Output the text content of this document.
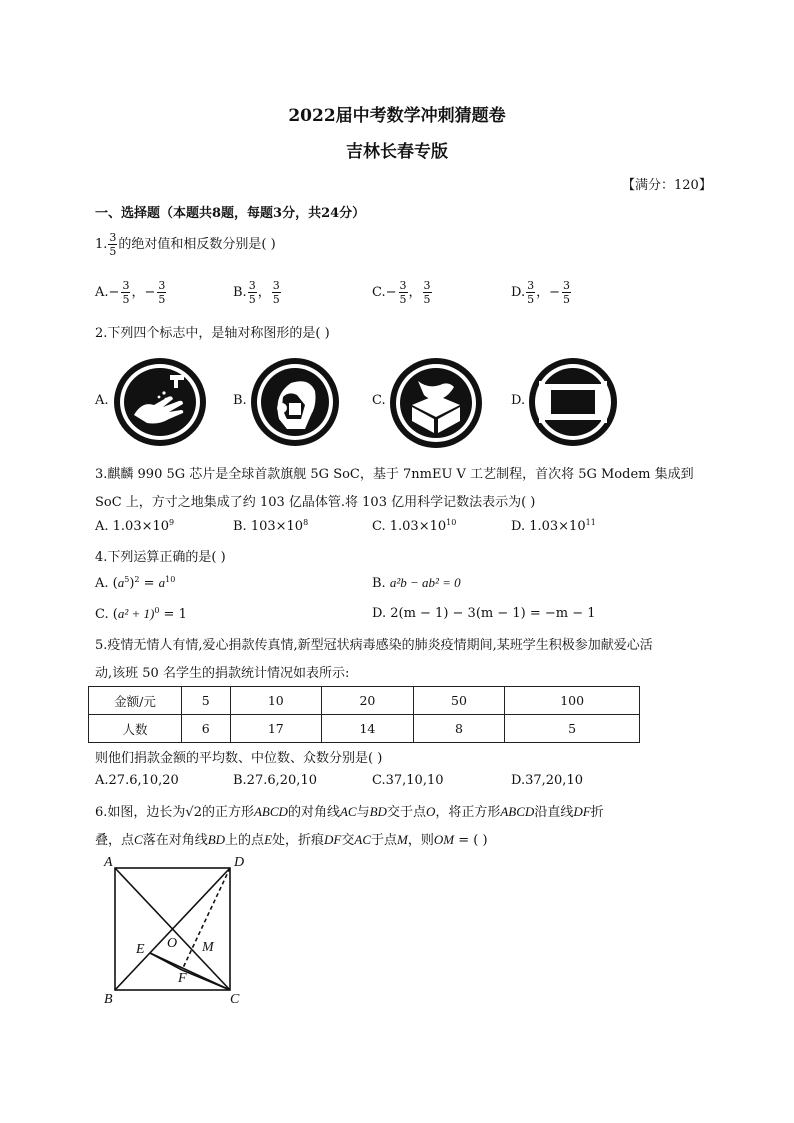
2022届中考数学冲刺猜题卷
吉林长春专版
【满分：120】
一、选择题（本题共8题，每题3分，共24分）
1. $\frac{3}{5}$ 的绝对值和相反数分别是( )
$A.- \frac{3}{5}$ ，− $\frac{3}{5}$	B. $\frac{3}{5}$ ， $\frac{3}{5}$	$C.- \frac{3}{5}$ ， $\frac{3}{5}$	D. $\frac{3}{5}$ ，− $\frac{3}{5}$
2.下列四个标志中，是轴对称图形的是( )
A.	B.	C.	D.
3.麒麟 990 5G 芯片是全球首款旗舰 5G SoC，基于 7nmEU V 工艺制程，首次将 5G Modem 集成到
SoC 上，方寸之地集成了约 103 亿晶体管.将 103 亿用科学记数法表示为( )
A. $1.03\times 10^9$	B. $103\times 10^8$	C. $1.03\times 10^{10}$	D. $1.03\times 10^{11}$
4.下列运算正确的是( )
A. $(a^5)^2 = a^{10}$	B. a²b − ab² = 0
C. $(a^2 + 1)^0 = 1$	D. 2(m − 1) − 3(m − 1) = −m − 1
5.疫情无情人有情,爱心捐款传真情,新型冠状病毒感染的肺炎疫情期间,某班学生积极参加献爱心活
动,该班 50 名学生的捐款统计情况如表所示:
金额/元	5	10	20	50	100
人数	6	17	14	8	5
则他们捐款金额的平均数、中位数、众数分别是( )
A.27.6,10,20	B.27.6,20,10	C.37,10,10	D.37,20,10
6.如图，边长为√2的正方形ABCD的对角线AC与BD交于点O，将正方形ABCD沿直线DF折
叠，点C落在对角线BD上的点E处，折痕DF交AC于点M，则OM = ( )
A	D
B	C
O
E
F
M
